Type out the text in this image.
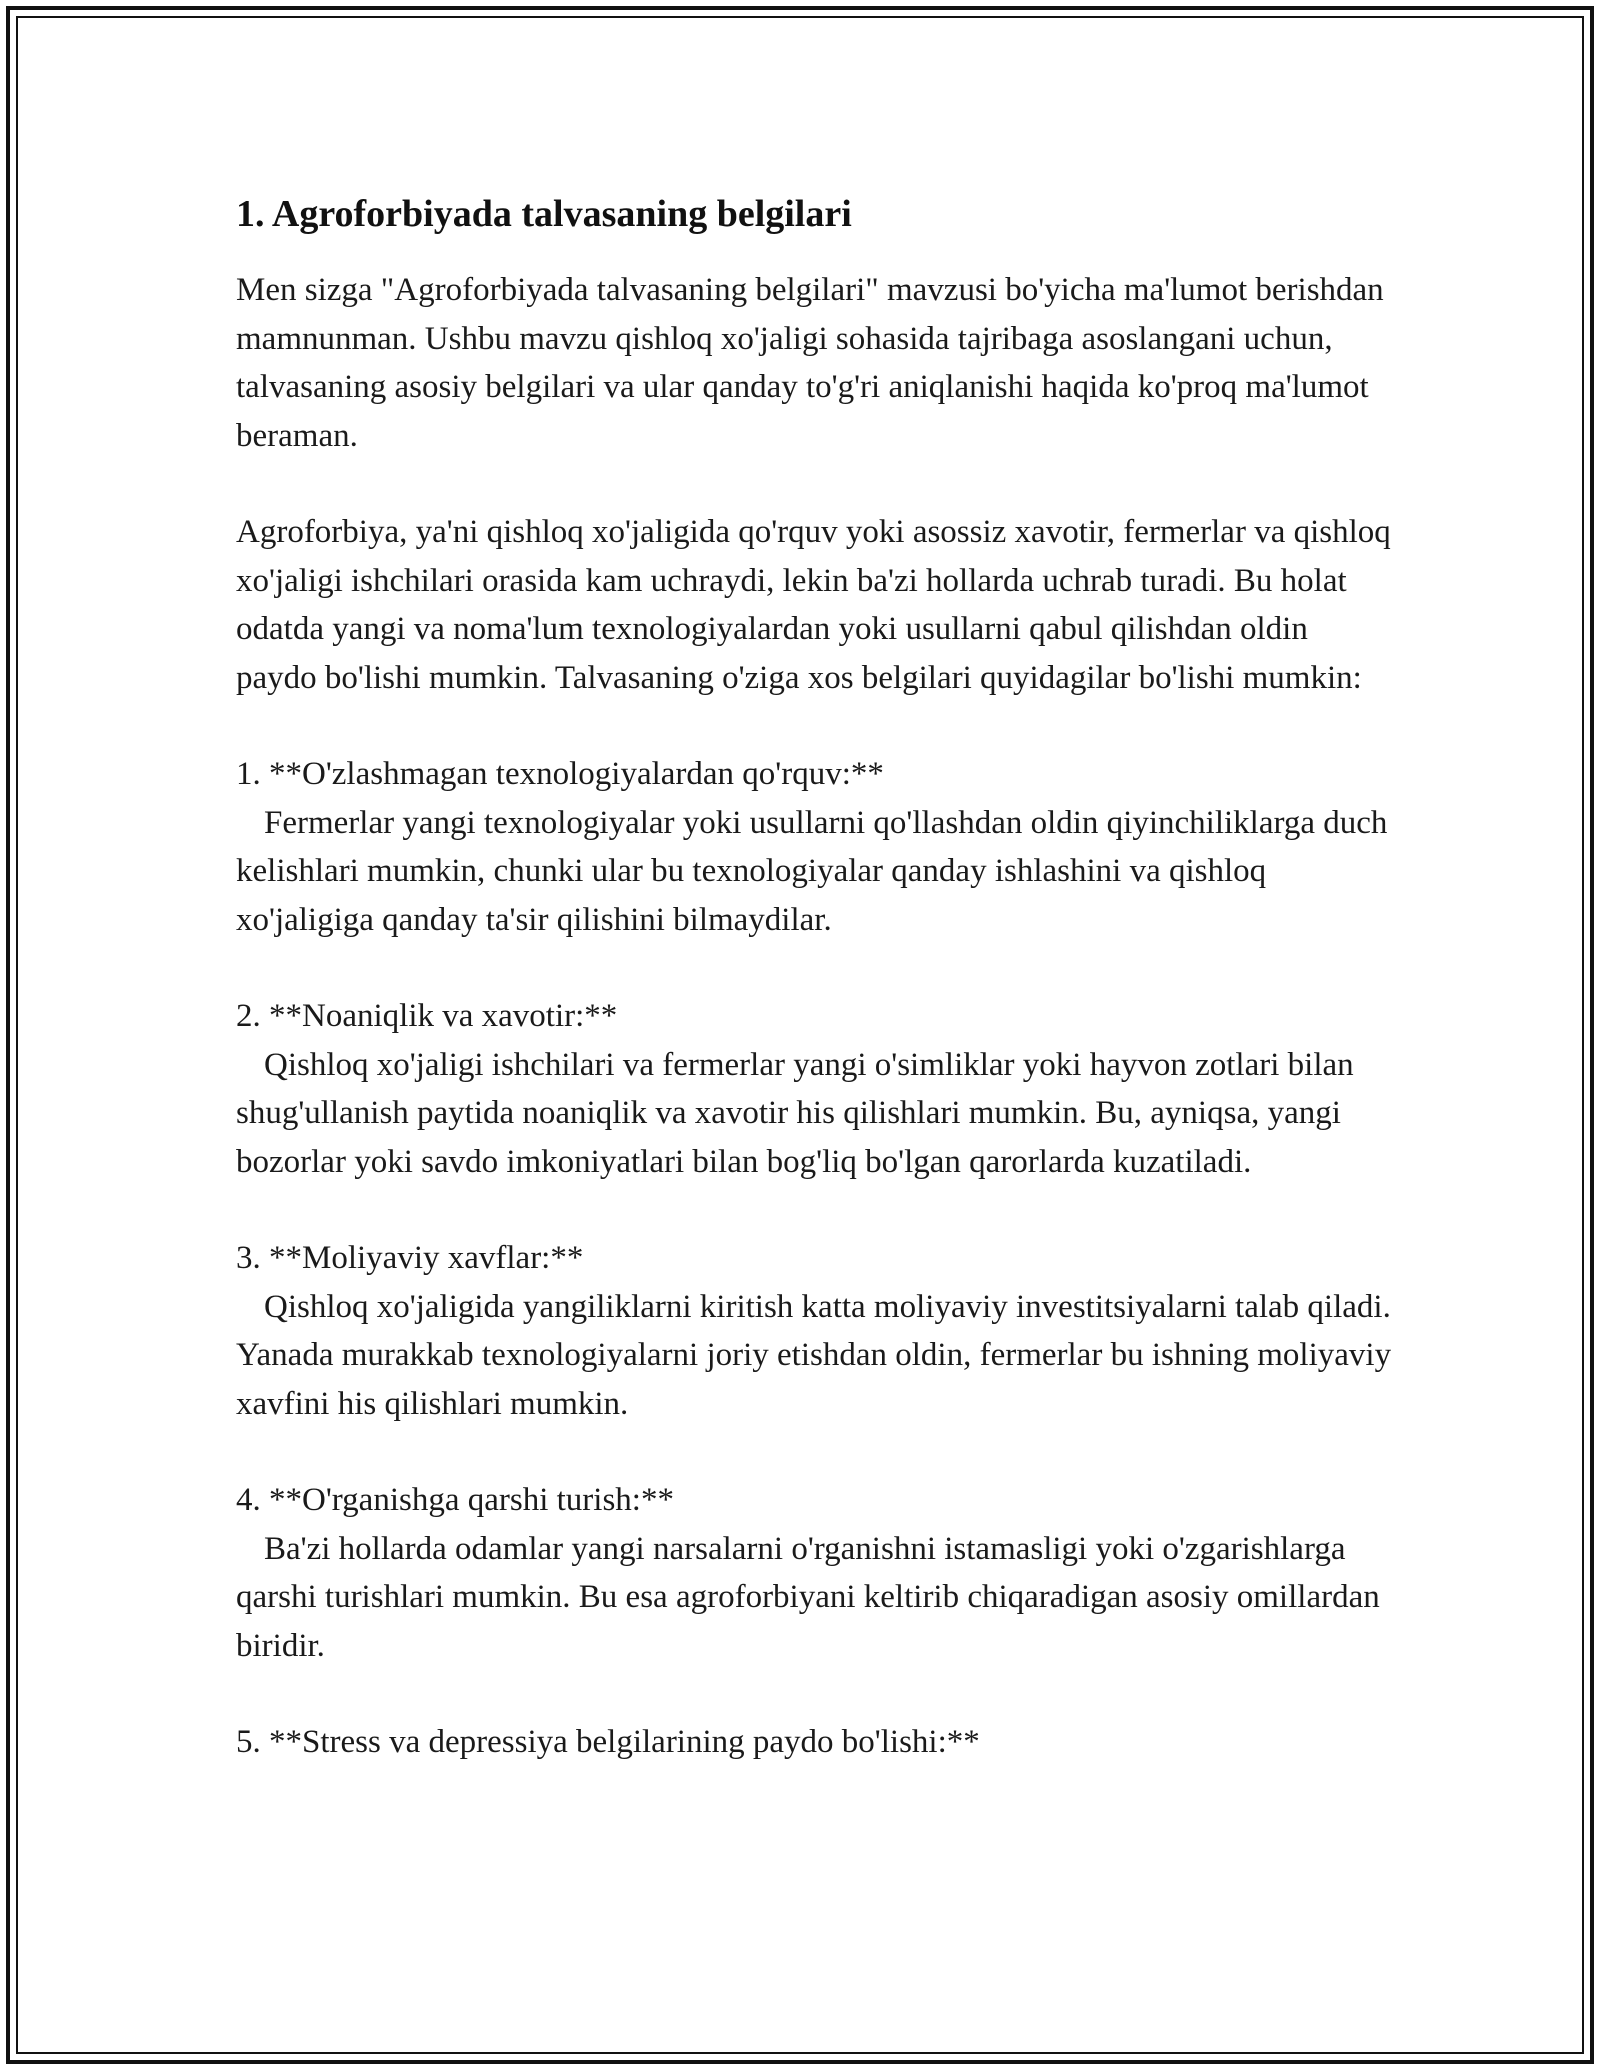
1. Agroforbiyada talvasaning belgilari

Men sizga "Agroforbiyada talvasaning belgilari" mavzusi bo'yicha ma'lumot berishdan mamnunman. Ushbu mavzu qishloq xo'jaligi sohasida tajribaga asoslangani uchun, talvasaning asosiy belgilari va ular qanday to'g'ri aniqlanishi haqida ko'proq ma'lumot beraman.

Agroforbiya, ya'ni qishloq xo'jaligida qo'rquv yoki asossiz xavotir, fermerlar va qishloq xo'jaligi ishchilari orasida kam uchraydi, lekin ba'zi hollarda uchrab turadi. Bu holat odatda yangi va noma'lum texnologiyalardan yoki usullarni qabul qilishdan oldin paydo bo'lishi mumkin. Talvasaning o'ziga xos belgilari quyidagilar bo'lishi mumkin:

1. **O'zlashmagan texnologiyalardan qo'rquv:**
Fermerlar yangi texnologiyalar yoki usullarni qo'llashdan oldin qiyinchiliklarga duch kelishlari mumkin, chunki ular bu texnologiyalar qanday ishlashini va qishloq xo'jaligiga qanday ta'sir qilishini bilmaydilar.
2. **Noaniqlik va xavotir:**
Qishloq xo'jaligi ishchilari va fermerlar yangi o'simliklar yoki hayvon zotlari bilan shug'ullanish paytida noaniqlik va xavotir his qilishlari mumkin. Bu, ayniqsa, yangi bozorlar yoki savdo imkoniyatlari bilan bog'liq bo'lgan qarorlarda kuzatiladi.
3. **Moliyaviy xavflar:**
Qishloq xo'jaligida yangiliklarni kiritish katta moliyaviy investitsiyalarni talab qiladi. Yanada murakkab texnologiyalarni joriy etishdan oldin, fermerlar bu ishning moliyaviy xavfini his qilishlari mumkin.
4. **O'rganishga qarshi turish:**
Ba'zi hollarda odamlar yangi narsalarni o'rganishni istamasligi yoki o'zgarishlarga qarshi turishlari mumkin. Bu esa agroforbiyani keltirib chiqaradigan asosiy omillardan biridir.
5. **Stress va depressiya belgilarining paydo bo'lishi:**
